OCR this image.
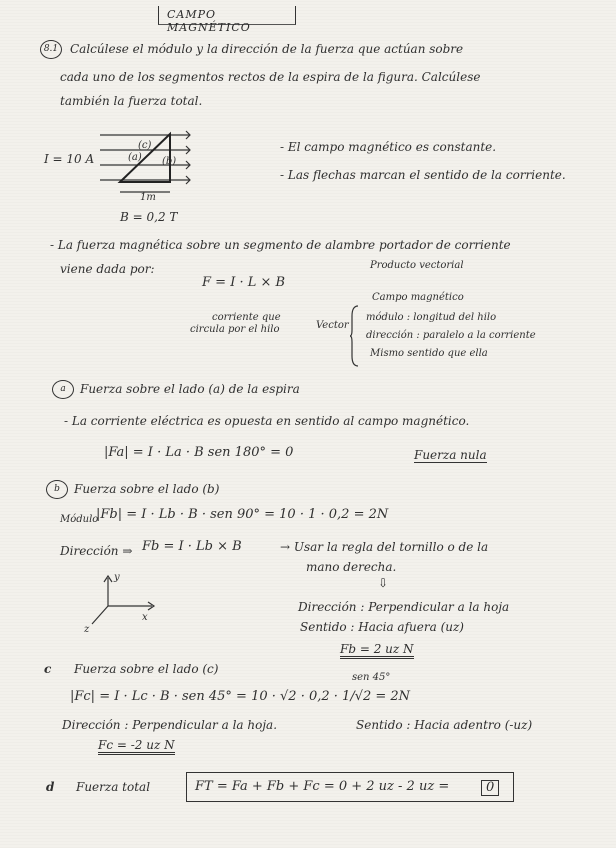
CAMPO MAGNÉTICO
8.1 Calcúlese el módulo y la dirección de la fuerza que actúan sobre
cada uno de los segmentos rectos de la espira de la figura. Calcúlese
también la fuerza total.
I = 10 A	(a) (b)
(c)
1m
B = 0,2 T
- El campo magnético es constante.
- Las flechas marcan el sentido de la corriente.
- La fuerza magnética sobre un segmento de alambre portador de corriente
viene dada por:
F = I · L × B
Producto vectorial
Campo magnético
corriente que
circula por el hilo	Vector
módulo : longitud del hilo
dirección : paralelo a la corriente
Mismo sentido que ella
a	Fuerza sobre el lado (a) de la espira
- La corriente eléctrica es opuesta en sentido al campo magnético.
|Fa| = I · La · B sen 180° = 0	Fuerza nula
b	Fuerza sobre el lado (b)
Módulo
|Fb| = I · Lb · B · sen 90° = 10 · 1 · 0,2 = 2N
Dirección ⇒ Fb = I · Lb × B	→ Usar la regla del tornillo o de la
mano derecha.
⇩
y
x
z
Dirección : Perpendicular a la hoja
Sentido : Hacia afuera (uz)
Fb = 2 uz N
c Fuerza sobre el lado (c)
sen 45°
|Fc| = I · Lc · B · sen 45° = 10 · √2 · 0,2 · 1/√2 = 2N
Dirección : Perpendicular a la hoja.	Sentido : Hacia adentro (-uz)
Fc = -2 uz N
d Fuerza total	FT = Fa + Fb + Fc = 0 + 2 uz - 2 uz =	0
